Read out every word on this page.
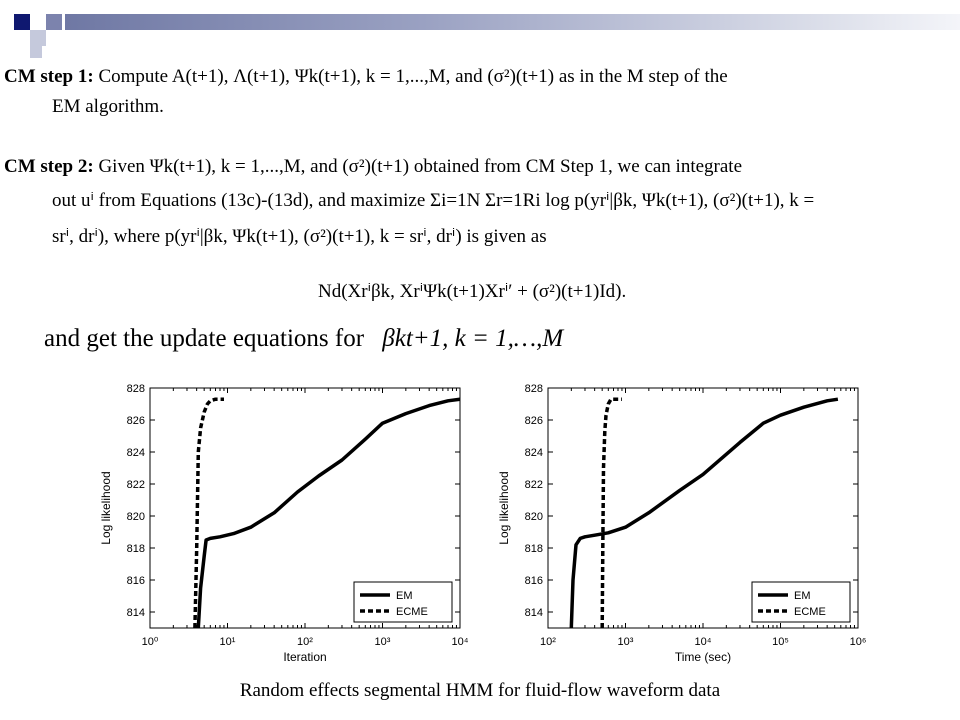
CM step 1: Compute A(t+1), Λ(t+1), Ψk(t+1), k = 1,...,M, and (σ²)(t+1) as in the M step of the
EM algorithm.
CM step 2: Given Ψk(t+1), k = 1,...,M, and (σ²)(t+1) obtained from CM Step 1, we can integrate
out uⁱ from Equations (13c)-(13d), and maximize Σi=1N Σr=1Ri log p(yrⁱ|βk, Ψk(t+1), (σ²)(t+1), k =
srⁱ, drⁱ), where p(yrⁱ|βk, Ψk(t+1), (σ²)(t+1), k = srⁱ, drⁱ) is given as
Nd(Xrⁱβk, XrⁱΨk(t+1)Xrⁱ′ + (σ²)(t+1)Id).
and get the update equations for βkt+1, k = 1,…,M
10⁰	10¹	10²	10³	10⁴
814
816
818
820
822
824
826
828
Iteration
Log likelihood
EM
ECME
10²	10³	10⁴	10⁵	10⁶
814
816
818
820
822
824
826
828
Time (sec)
Log likelihood
EM
ECME
Random effects segmental HMM for fluid-flow waveform data
